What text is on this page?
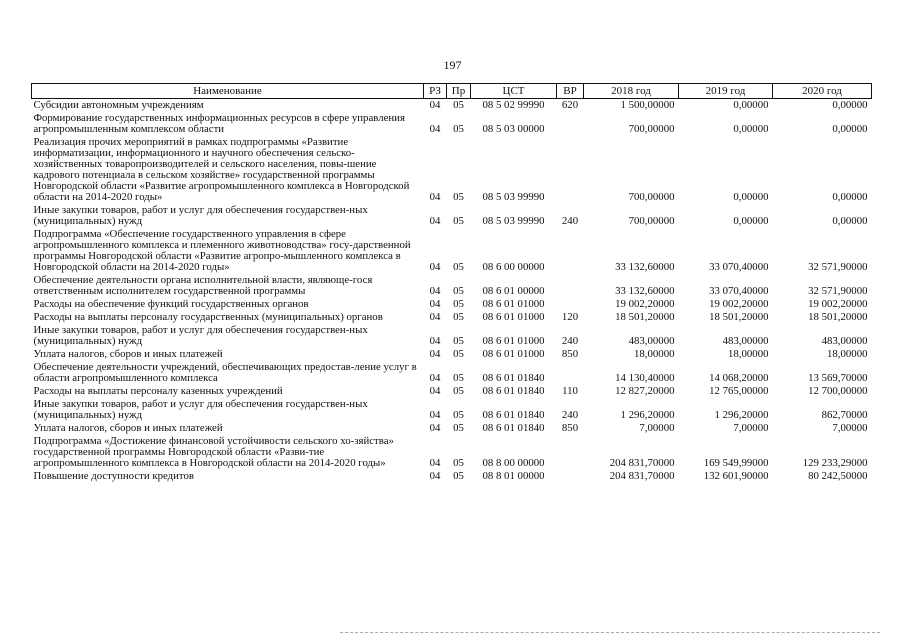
197
Наименование	РЗ	Пр	ЦСТ	ВР	2018 год	2019 год	2020 год
Субсидии автономным учреждениям	04	05	08 5 02 99990	620	1 500,00000	0,00000	0,00000
Формирование государственных информационных ресурсов в сфере управления агропромышленным комплексом области	04	05	08 5 03 00000		700,00000	0,00000	0,00000
Реализация прочих мероприятий в рамках подпрограммы «Развитие информатизации, информационного и научного обеспечения сельско-хозяйственных товаропроизводителей и сельского населения, повы-шение кадрового потенциала в сельском хозяйстве» государственной программы Новгородской области «Развитие агропромышленного комплекса в Новгородской области на 2014-2020 годы»	04	05	08 5 03 99990		700,00000	0,00000	0,00000
Иные закупки товаров, работ и услуг для обеспечения государствен-ных (муниципальных) нужд	04	05	08 5 03 99990	240	700,00000	0,00000	0,00000
Подпрограмма «Обеспечение государственного управления в сфере агропромышленного комплекса и племенного животноводства» госу-дарственной программы Новгородской области «Развитие агропро-мышленного комплекса в Новгородской области на 2014-2020 годы»	04	05	08 6 00 00000		33 132,60000	33 070,40000	32 571,90000
Обеспечение деятельности органа исполнительной власти, являюще-гося ответственным исполнителем государственной программы	04	05	08 6 01 00000		33 132,60000	33 070,40000	32 571,90000
Расходы на обеспечение функций государственных органов	04	05	08 6 01 01000		19 002,20000	19 002,20000	19 002,20000
Расходы на выплаты персоналу государственных (муниципальных) органов	04	05	08 6 01 01000	120	18 501,20000	18 501,20000	18 501,20000
Иные закупки товаров, работ и услуг для обеспечения государствен-ных (муниципальных) нужд	04	05	08 6 01 01000	240	483,00000	483,00000	483,00000
Уплата налогов, сборов и иных платежей	04	05	08 6 01 01000	850	18,00000	18,00000	18,00000
Обеспечение деятельности учреждений, обеспечивающих предостав-ление услуг в области агропромышленного комплекса	04	05	08 6 01 01840		14 130,40000	14 068,20000	13 569,70000
Расходы на выплаты персоналу казенных учреждений	04	05	08 6 01 01840	110	12 827,20000	12 765,00000	12 700,00000
Иные закупки товаров, работ и услуг для обеспечения государствен-ных (муниципальных) нужд	04	05	08 6 01 01840	240	1 296,20000	1 296,20000	862,70000
Уплата налогов, сборов и иных платежей	04	05	08 6 01 01840	850	7,00000	7,00000	7,00000
Подпрограмма «Достижение финансовой устойчивости сельского хо-зяйства» государственной программы Новгородской области «Разви-тие агропромышленного комплекса в Новгородской области на 2014-2020 годы»	04	05	08 8 00 00000		204 831,70000	169 549,99000	129 233,29000
Повышение доступности кредитов	04	05	08 8 01 00000		204 831,70000	132 601,90000	80 242,50000
